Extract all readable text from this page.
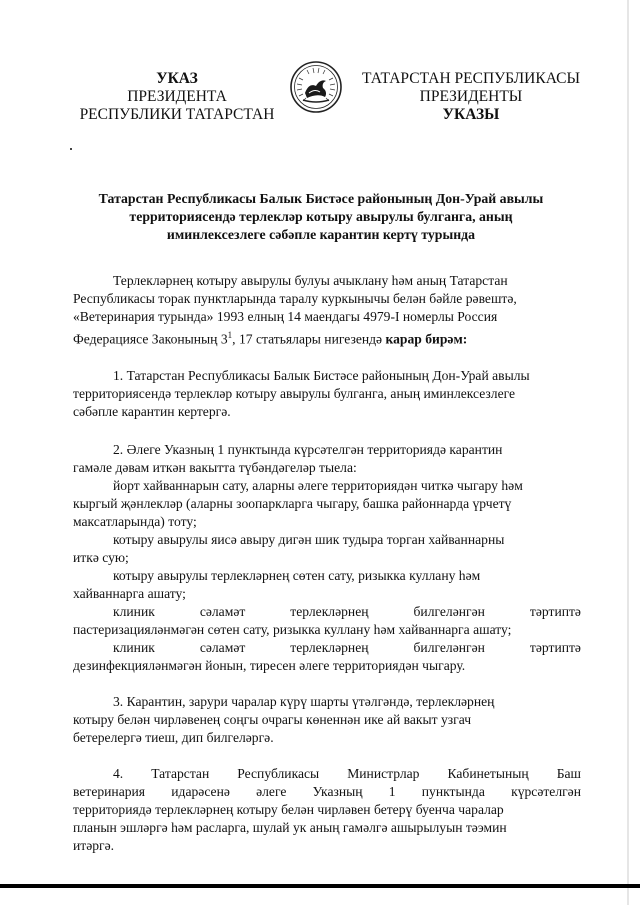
УКАЗ
ПРЕЗИДЕНТА
РЕСПУБЛИКИ ТАТАРСТАН
ТАТАРСТАН РЕСПУБЛИКАСЫ
ПРЕЗИДЕНТЫ
УКАЗЫ
Татарстан Республикасы Балык Бистәсе районының Дон-Урай авылы
территориясендә терлекләр котыру авырулы булганга, аның
иминлексезлеге сәбәпле карантин кертү турында

Терлекләрнең котыру авырулы булуы ачыклану һәм аның Татарстан

Республикасы торак пунктларында таралу куркынычы белән бәйле рәвештә,

«Ветеринария турында» 1993 елның 14 маендагы 4979-I номерлы Россия

Федерациясе Законының $3^1$, 17 статьялары нигезендә карар бирәм:

1. Татарстан Республикасы Балык Бистәсе районының Дон-Урай авылы

территориясендә терлекләр котыру авырулы булганга, аның иминлексезлеге

сәбәпле карантин кертергә.

2. Әлеге Указның 1 пунктында күрсәтелгән территориядә карантин

гамәле дәвам иткән вакытта түбәндәгеләр тыела:

йорт хайваннарын сату, аларны әлеге территориядән читкә чыгару һәм

кыргый җәнлекләр (аларны зоопаркларга чыгару, башка районнарда үрчетү

максатларында) тоту;

котыру авырулы яисә авыру дигән шик тудыра торган хайваннарны

иткә сую;

котыру авырулы терлекләрнең сөтен сату, ризыкка куллану һәм

хайваннарга ашату;

клиник	сәламәт	терлекләрнең	билгеләнгән	тәртиптә

пастеризацияләнмәгән сөтен сату, ризыкка куллану һәм хайваннарга ашату;

клиник	сәламәт	терлекләрнең	билгеләнгән	тәртиптә

дезинфекцияләнмәгән йонын, тиресен әлеге территориядән чыгару.

3. Карантин, зарури чаралар күрү шарты үтәлгәндә, терлекләрнең

котыру белән чирләвенең соңгы очрагы көненнән ике ай вакыт узгач

бетерелергә тиеш, дип билгеләргә.

4. Татарстан Республикасы Министрлар Кабинетының Баш

ветеринария идарәсенә әлеге Указның 1 пунктында күрсәтелгән

территориядә терлекләрнең котыру белән чирләвен бетерү буенча чаралар

планын эшләргә һәм расларга, шулай ук аның гамәлгә ашырылуын тәэмин

итәргә.
